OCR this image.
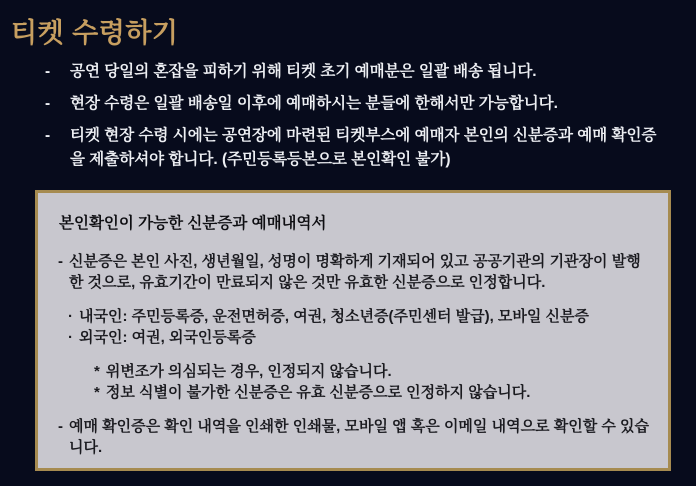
티켓 수령하기
-	공연 당일의 혼잡을 피하기 위해 티켓 초기 예매분은 일괄 배송 됩니다.
-	현장 수령은 일괄 배송일 이후에 예매하시는 분들에 한해서만 가능합니다.
-	티켓 현장 수령 시에는 공연장에 마련된 티켓부스에 예매자 본인의 신분증과 예매 확인증을 제출하셔야 합니다. (주민등록등본으로 본인확인 불가)
본인확인이 가능한 신분증과 예매내역서
- 신분증은 본인 사진, 생년월일, 성명이 명확하게 기재되어 있고 공공기관의 기관장이 발행한 것으로, 유효기간이 만료되지 않은 것만 유효한 신분증으로 인정합니다.
· 내국인: 주민등록증, 운전면허증, 여권, 청소년증(주민센터 발급), 모바일 신분증
· 외국인: 여권, 외국인등록증
* 위변조가 의심되는 경우, 인정되지 않습니다.
* 정보 식별이 불가한 신분증은 유효 신분증으로 인정하지 않습니다.
- 예매 확인증은 확인 내역을 인쇄한 인쇄물, 모바일 앱 혹은 이메일 내역으로 확인할 수 있습니다.
